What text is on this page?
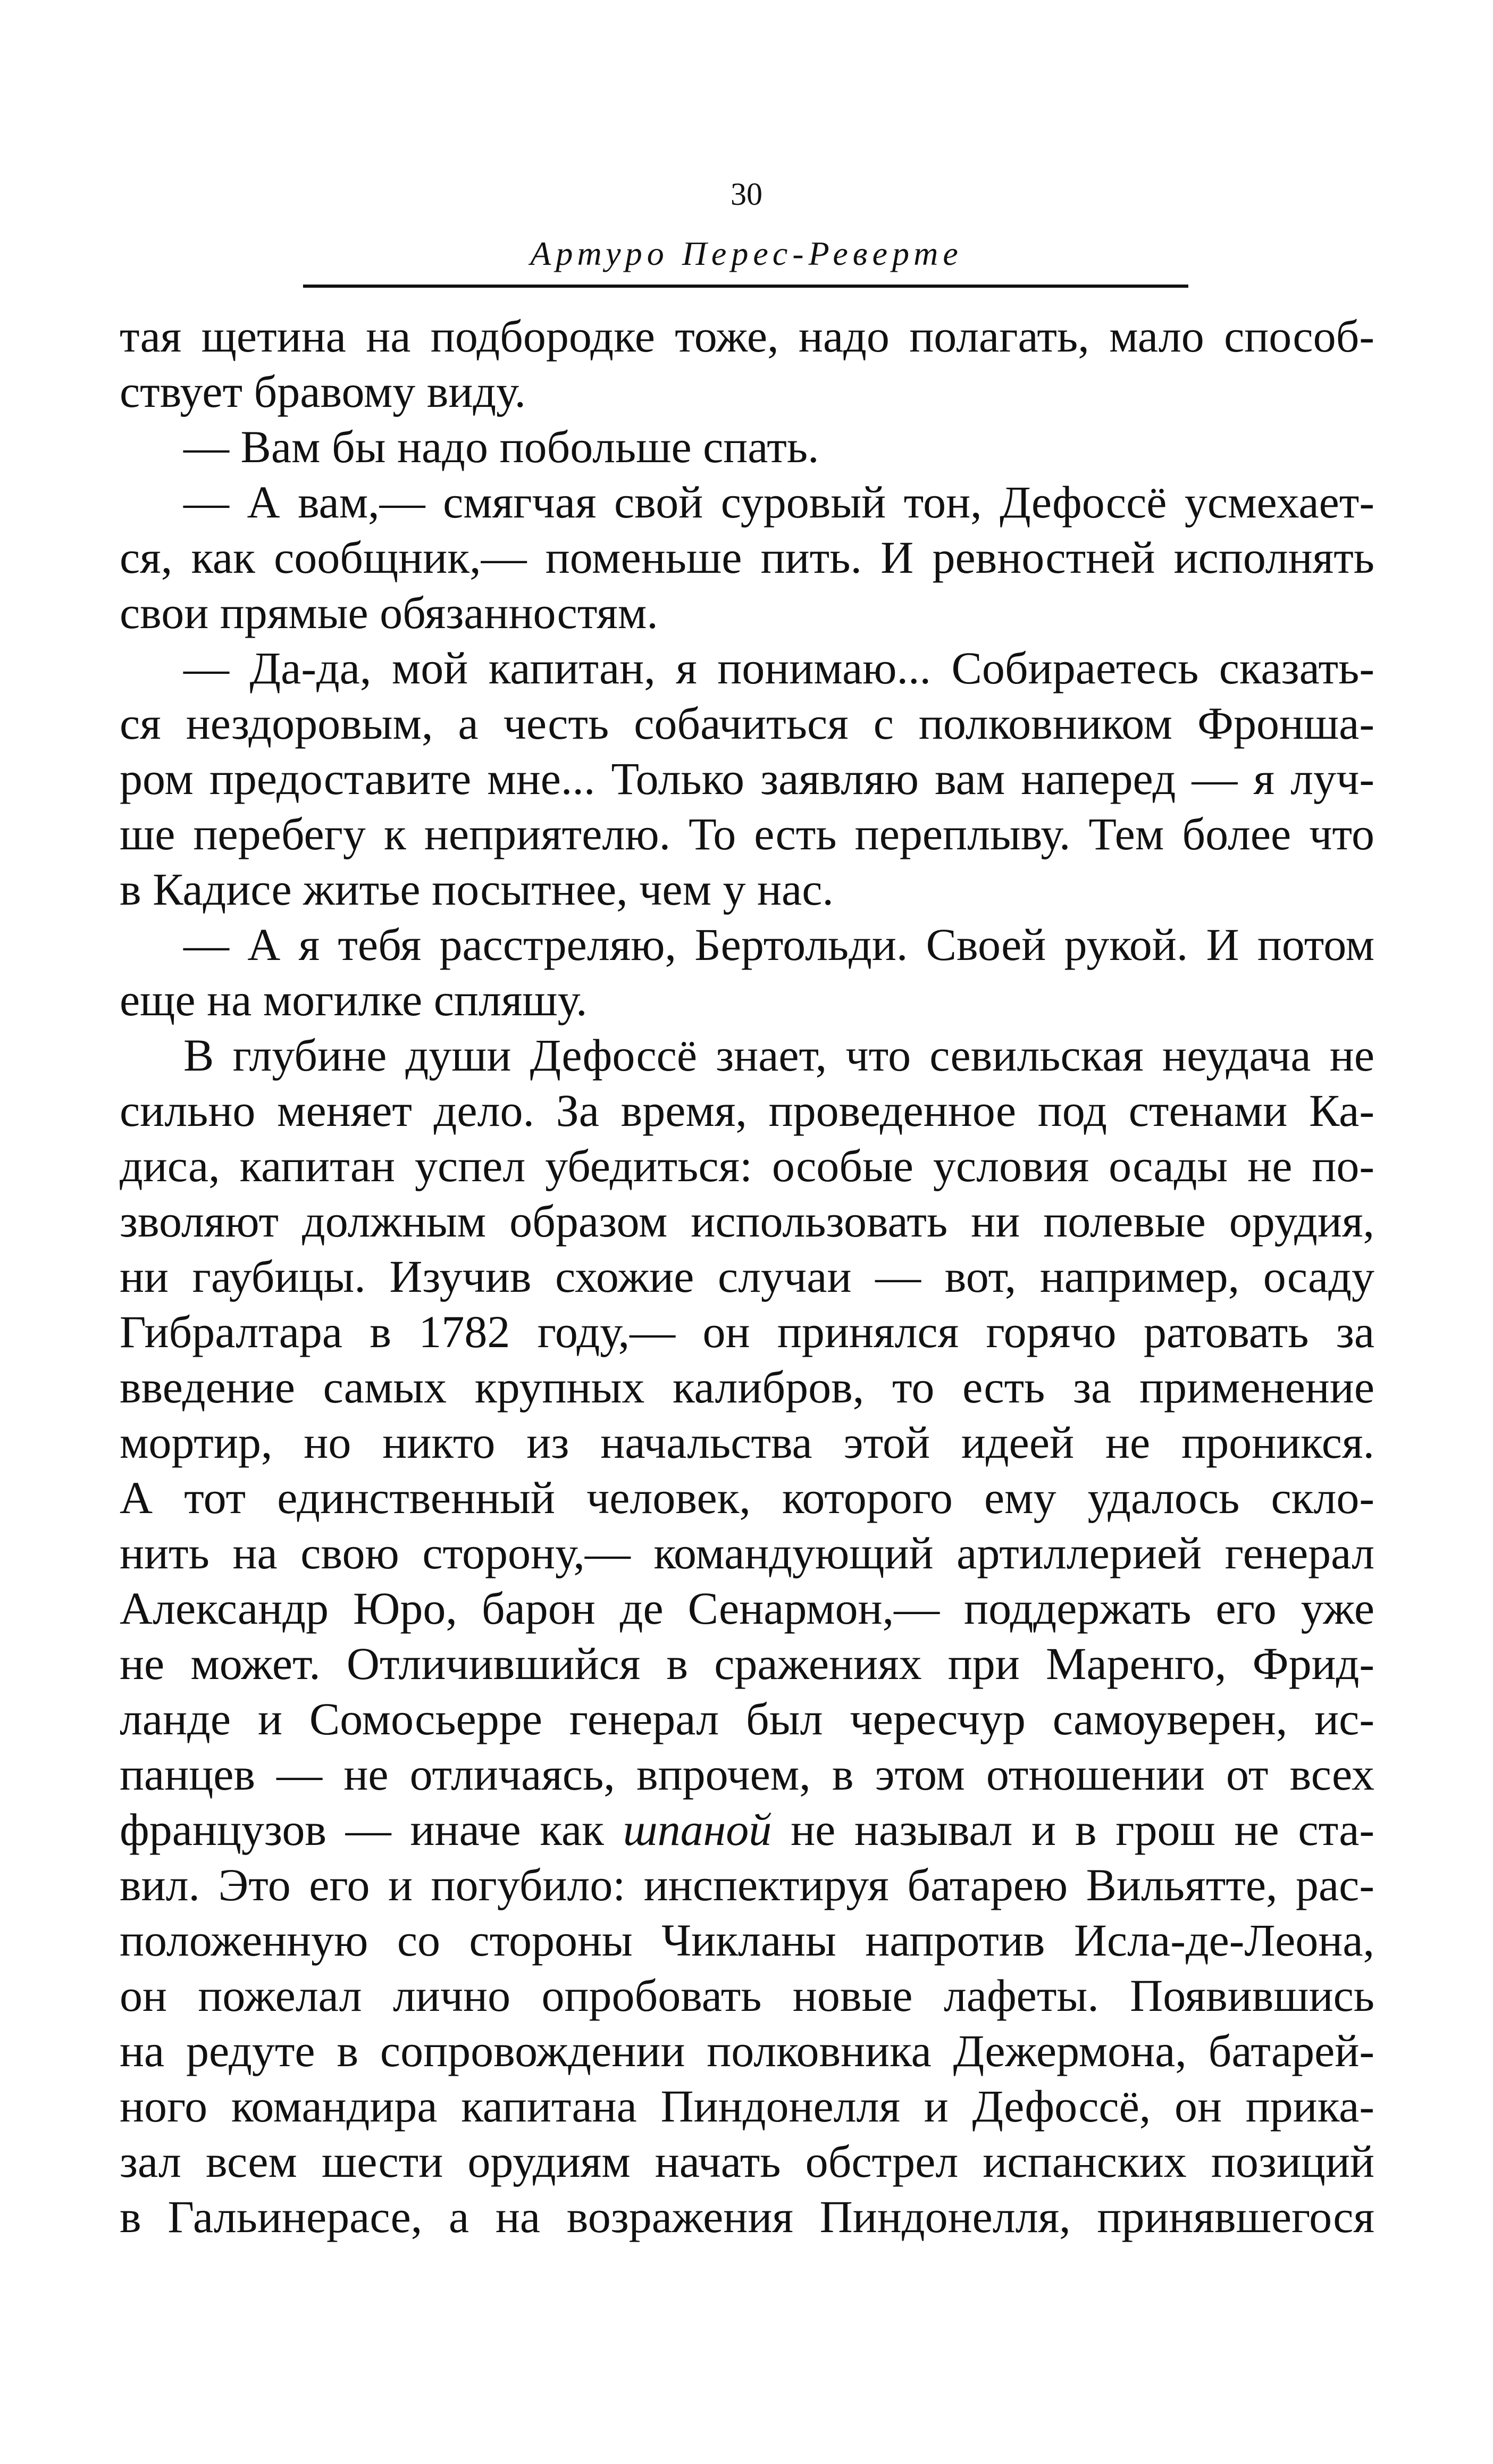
30
Артуро Перес-Реверте
тая щетина на подбородке тоже, надо полагать, мало способ-
ствует бравому виду.
— Вам бы надо побольше спать.
— А вам,— смягчая свой суровый тон, Дефоссё усмехает-
ся, как сообщник,— поменьше пить. И ревностней исполнять
свои прямые обязанностям.
— Да-да, мой капитан, я понимаю... Собираетесь сказать-
ся нездоровым, а честь собачиться с полковником Фронша-
ром предоставите мне... Только заявляю вам наперед — я луч-
ше перебегу к неприятелю. То есть переплыву. Тем более что
в Кадисе житье посытнее, чем у нас.
— А я тебя расстреляю, Бертольди. Своей рукой. И потом
еще на могилке спляшу.
В глубине души Дефоссё знает, что севильская неудача не
сильно меняет дело. За время, проведенное под стенами Ка-
диса, капитан успел убедиться: особые условия осады не по-
зволяют должным образом использовать ни полевые орудия,
ни гаубицы. Изучив схожие случаи — вот, например, осаду
Гибралтара в 1782 году,— он принялся горячо ратовать за
введение самых крупных калибров, то есть за применение
мортир, но никто из начальства этой идеей не проникся.
А тот единственный человек, которого ему удалось скло-
нить на свою сторону,— командующий артиллерией генерал
Александр Юро, барон де Сенармон,— поддержать его уже
не может. Отличившийся в сражениях при Маренго, Фрид-
ланде и Сомосьерре генерал был чересчур самоуверен, ис-
панцев — не отличаясь, впрочем, в этом отношении от всех
французов — иначе как шпаной не называл и в грош не ста-
вил. Это его и погубило: инспектируя батарею Вильятте, рас-
положенную со стороны Чикланы напротив Исла-де-Леона,
он пожелал лично опробовать новые лафеты. Появившись
на редуте в сопровождении полковника Дежермона, батарей-
ного командира капитана Пиндонелля и Дефоссё, он прика-
зал всем шести орудиям начать обстрел испанских позиций
в Гальинерасе, а на возражения Пиндонелля, принявшегося
